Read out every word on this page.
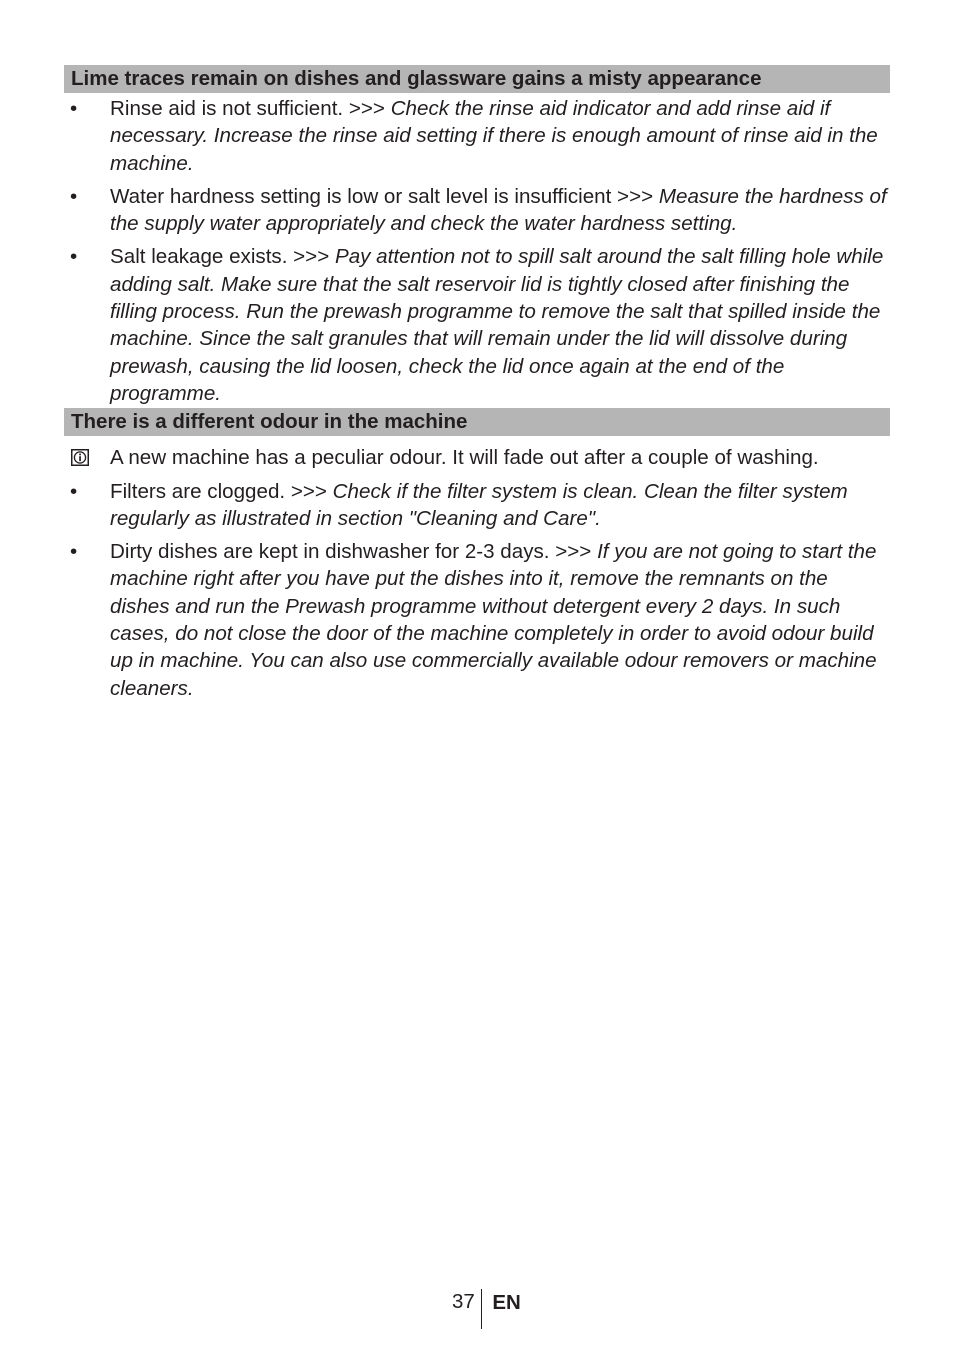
Lime traces remain on dishes and glassware gains a misty appearance
•	Rinse aid is not sufficient. >>> Check the rinse aid indicator and add rinse aid if necessary. Increase the rinse aid setting if there is enough amount of rinse aid in the machine.
•	Water hardness setting is low or salt level is insufficient >>> Measure the hardness of the supply water appropriately and check the water hardness setting.
•	Salt leakage exists. >>> Pay attention not to spill salt around the salt filling hole while adding salt. Make sure that the salt reservoir lid is tightly closed after finishing the filling process. Run the prewash programme to remove the salt that spilled inside the machine. Since the salt granules that will remain under the lid will dissolve during prewash, causing the lid loosen, check the lid once again at the end of the programme.
There is a different odour in the machine
A new machine has a peculiar odour. It will fade out after a couple of washing.
•	Filters are clogged. >>> Check if the filter system is clean. Clean the filter system regularly as illustrated in section "Cleaning and Care".
•	Dirty dishes are kept in dishwasher for 2-3 days. >>> If you are not going to start the machine right after you have put the dishes into it, remove the remnants on the dishes and run the Prewash programme without detergent every 2 days. In such cases, do not close the door of the machine completely in order to avoid odour build up in machine. You can also use commercially available odour removers or machine cleaners.
37 EN
